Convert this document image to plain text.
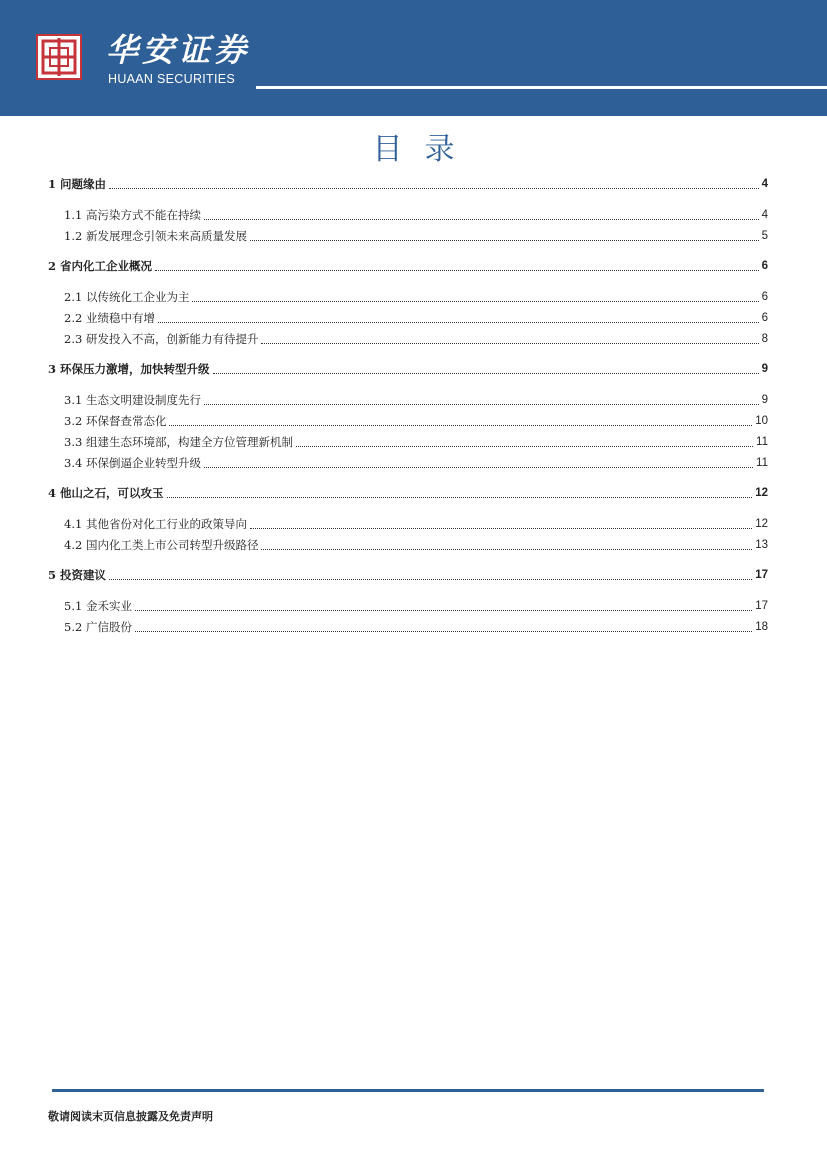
华安证券
HUAAN SECURITIES
目录
1 问题缘由	4
1.1 高污染方式不能在持续	4
1.2 新发展理念引领未来高质量发展	5
2 省内化工企业概况	6
2.1 以传统化工企业为主	6
2.2 业绩稳中有增	6
2.3 研发投入不高，创新能力有待提升	8
3 环保压力激增，加快转型升级	9
3.1 生态文明建设制度先行	9
3.2 环保督查常态化	10
3.3 组建生态环境部，构建全方位管理新机制	11
3.4 环保倒逼企业转型升级	11
4 他山之石，可以攻玉	12
4.1 其他省份对化工行业的政策导向	12
4.2 国内化工类上市公司转型升级路径	13
5 投资建议	17
5.1 金禾实业	17
5.2 广信股份	18
敬请阅读末页信息披露及免责声明
